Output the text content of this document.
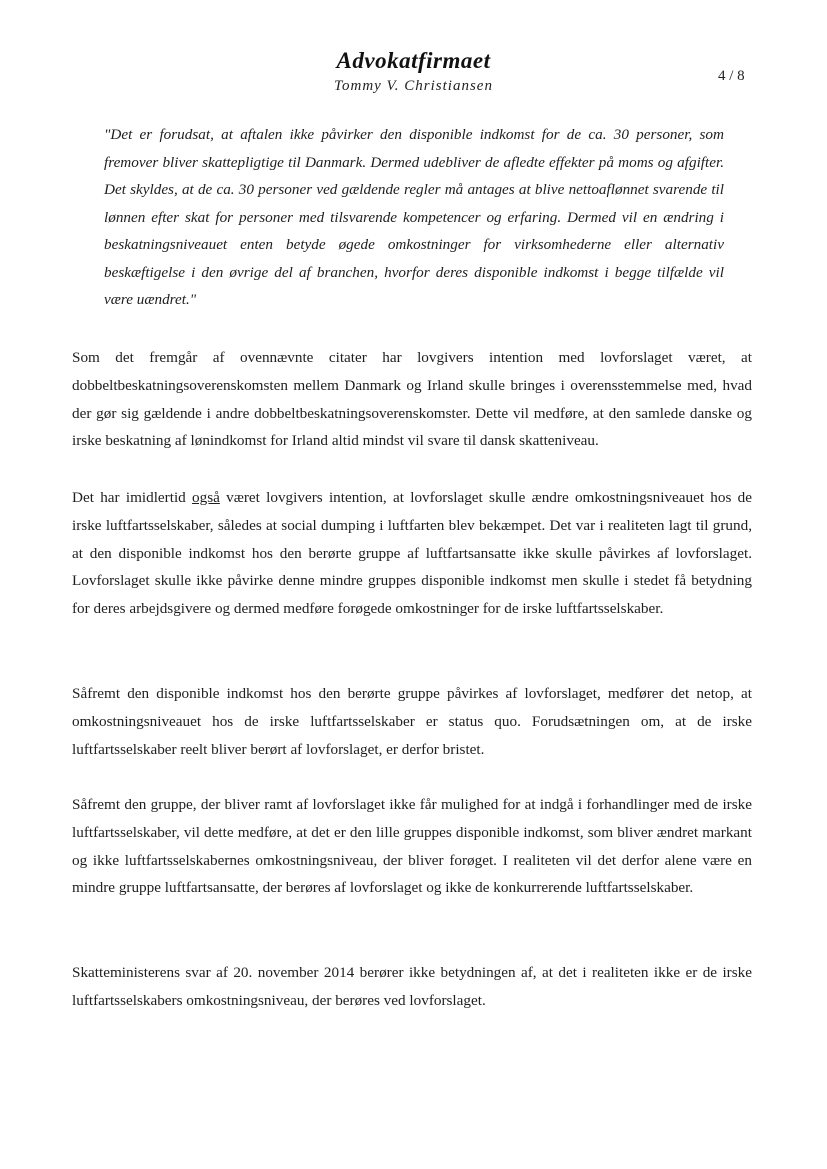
Advokatfirmaet
Tommy V. Christiansen
4 / 8
"Det er forudsat, at aftalen ikke påvirker den disponible indkomst for de ca. 30 personer, som fremover bliver skattepligtige til Danmark. Dermed udebliver de afledte effekter på moms og afgifter. Det skyldes, at de ca. 30 personer ved gældende regler må antages at blive nettoaflønnet svarende til lønnen efter skat for personer med tilsvarende kompetencer og erfaring. Dermed vil en ændring i beskatningsniveauet enten betyde øgede omkostninger for virksomhederne eller alternativ beskæftigelse i den øvrige del af branchen, hvorfor deres disponible indkomst i begge tilfælde vil være uændret."
Som det fremgår af ovennævnte citater har lovgivers intention med lovforslaget været, at dobbeltbeskatningsoverenskomsten mellem Danmark og Irland skulle bringes i overensstemmelse med, hvad der gør sig gældende i andre dobbeltbeskatningsoverenskomster. Dette vil medføre, at den samlede danske og irske beskatning af lønindkomst for Irland altid mindst vil svare til dansk skatteniveau.
Det har imidlertid også været lovgivers intention, at lovforslaget skulle ændre omkostningsniveauet hos de irske luftfartsselskaber, således at social dumping i luftfarten blev bekæmpet. Det var i realiteten lagt til grund, at den disponible indkomst hos den berørte gruppe af luftfartsansatte ikke skulle påvirkes af lovforslaget. Lovforslaget skulle ikke påvirke denne mindre gruppes disponible indkomst men skulle i stedet få betydning for deres arbejdsgivere og dermed medføre forøgede omkostninger for de irske luftfartsselskaber.
Såfremt den disponible indkomst hos den berørte gruppe påvirkes af lovforslaget, medfører det netop, at omkostningsniveauet hos de irske luftfartsselskaber er status quo. Forudsætningen om, at de irske luftfartsselskaber reelt bliver berørt af lovforslaget, er derfor bristet.
Såfremt den gruppe, der bliver ramt af lovforslaget ikke får mulighed for at indgå i forhandlinger med de irske luftfartsselskaber, vil dette medføre, at det er den lille gruppes disponible indkomst, som bliver ændret markant og ikke luftfartsselskabernes omkostningsniveau, der bliver forøget. I realiteten vil det derfor alene være en mindre gruppe luftfartsansatte, der berøres af lovforslaget og ikke de konkurrerende luftfartsselskaber.
Skatteministerens svar af 20. november 2014 berører ikke betydningen af, at det i realiteten ikke er de irske luftfartsselskabers omkostningsniveau, der berøres ved lovforslaget.
